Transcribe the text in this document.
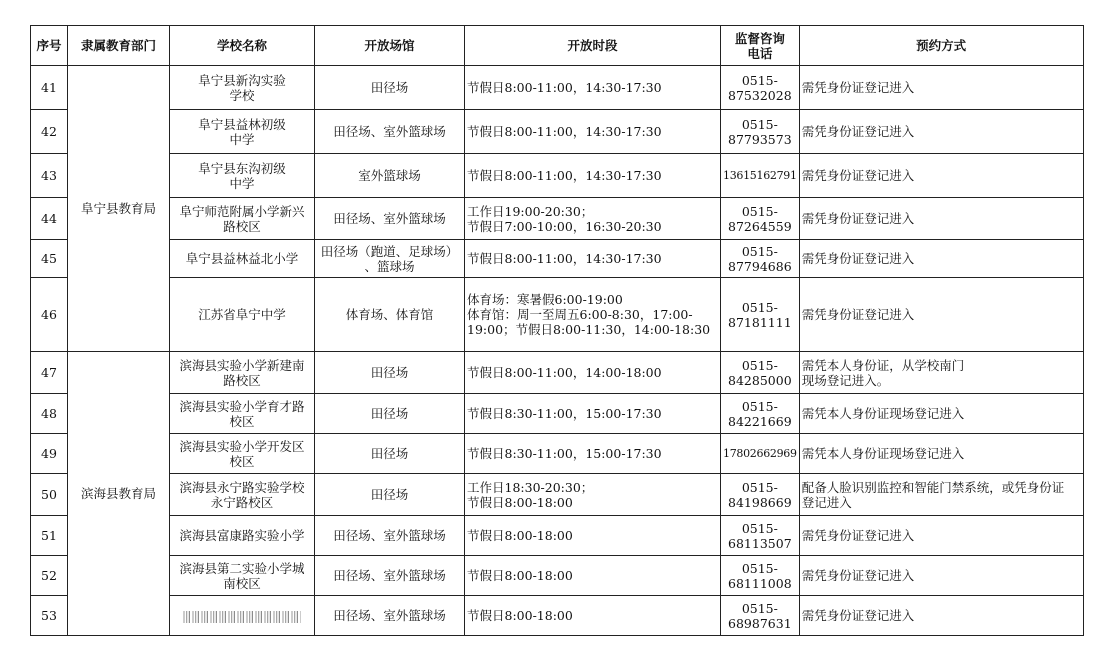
序号	隶属教育部门	学校名称	开放场馆	开放时段	监督咨询
电话	预约方式
41	阜宁县教育局	阜宁县新沟实验
学校	田径场	节假日8:00-11:00，14:30-17:30	0515-
87532028	需凭身份证登记进入
42		阜宁县益林初级
中学	田径场、室外篮球场	节假日8:00-11:00，14:30-17:30	0515-
87793573	需凭身份证登记进入
43		阜宁县东沟初级
中学	室外篮球场	节假日8:00-11:00，14:30-17:30	13615162791	需凭身份证登记进入
44		阜宁师范附属小学新兴
路校区	田径场、室外篮球场	工作日19:00-20:30；
节假日7:00-10:00，16:30-20:30	0515-
87264559	需凭身份证登记进入
45		阜宁县益林益北小学	田径场（跑道、足球场）
、篮球场	节假日8:00-11:00，14:30-17:30	0515-
87794686	需凭身份证登记进入
46		江苏省阜宁中学	体育场、体育馆	体育场：寒暑假6:00-19:00
体育馆：周一至周五6:00-8:30，17:00-
19:00；节假日8:00-11:30，14:00-18:30	0515-
87181111	需凭身份证登记进入
47	滨海县教育局	滨海县实验小学新建南
路校区	田径场	节假日8:00-11:00，14:00-18:00	0515-
84285000	需凭本人身份证，从学校南门
现场登记进入。
48		滨海县实验小学育才路
校区	田径场	节假日8:30-11:00，15:00-17:30	0515-
84221669	需凭本人身份证现场登记进入
49		滨海县实验小学开发区
校区	田径场	节假日8:30-11:00，15:00-17:30	17802662969	需凭本人身份证现场登记进入
50		滨海县永宁路实验学校
永宁路校区	田径场	工作日18:30-20:30；
节假日8:00-18:00	0515-
84198669	配备人脸识别监控和智能门禁系统，或凭身份证
登记进入
51		滨海县富康路实验小学	田径场、室外篮球场	节假日8:00-18:00	0515-
68113507	需凭身份证登记进入
52		滨海县第二实验小学城
南校区	田径场、室外篮球场	节假日8:00-18:00	0515-
68111008	需凭身份证登记进入
53			田径场、室外篮球场	节假日8:00-18:00	0515-
68987631	需凭身份证登记进入
